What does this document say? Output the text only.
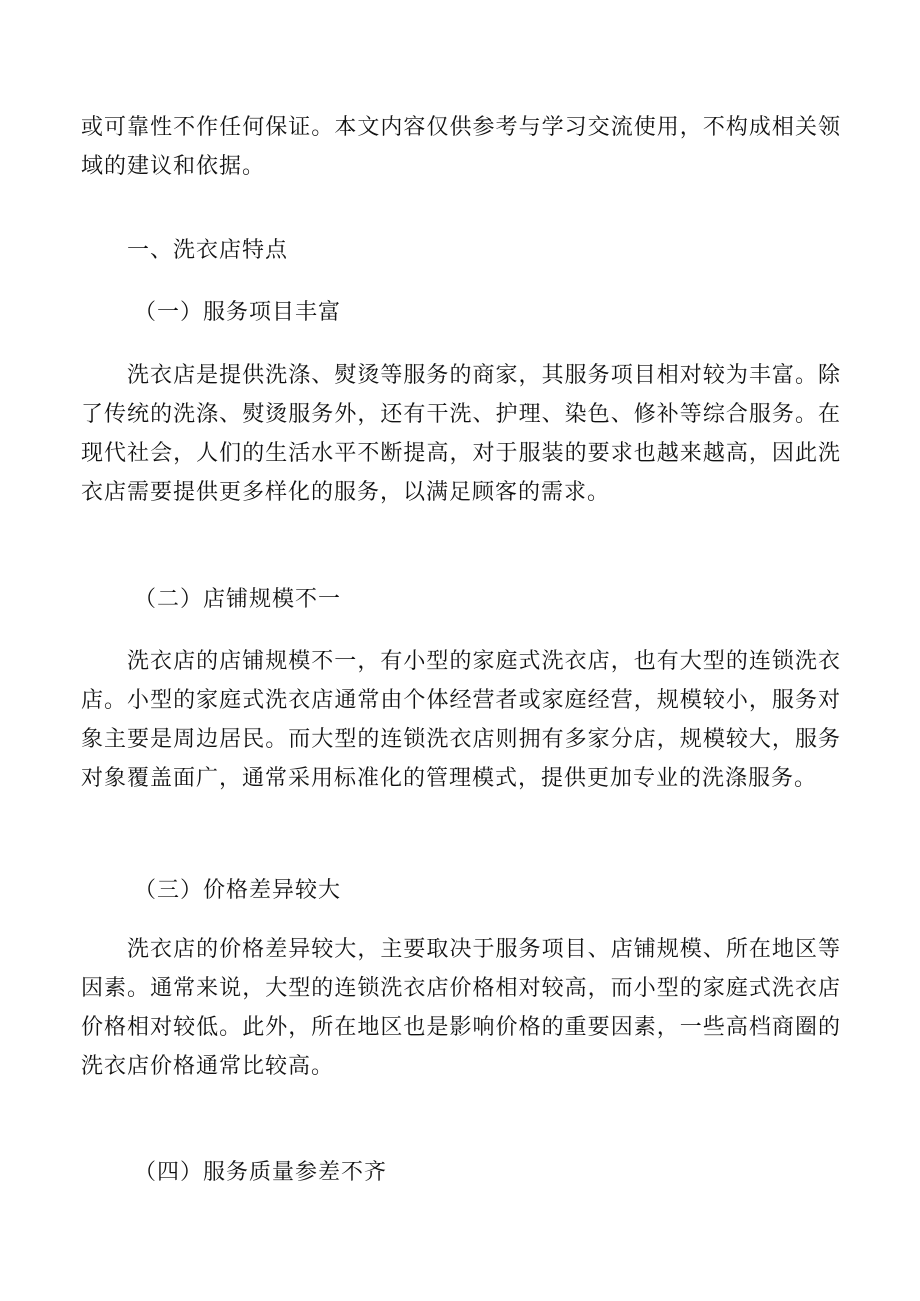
或可靠性不作任何保证。本文内容仅供参考与学习交流使用，不构成相关领域的建议和依据。

一、洗衣店特点
（一）服务项目丰富

洗衣店是提供洗涤、熨烫等服务的商家，其服务项目相对较为丰富。除了传统的洗涤、熨烫服务外，还有干洗、护理、染色、修补等综合服务。在现代社会，人们的生活水平不断提高，对于服装的要求也越来越高，因此洗衣店需要提供更多样化的服务，以满足顾客的需求。

（二）店铺规模不一

洗衣店的店铺规模不一，有小型的家庭式洗衣店，也有大型的连锁洗衣店。小型的家庭式洗衣店通常由个体经营者或家庭经营，规模较小，服务对象主要是周边居民。而大型的连锁洗衣店则拥有多家分店，规模较大，服务对象覆盖面广，通常采用标准化的管理模式，提供更加专业的洗涤服务。

（三）价格差异较大

洗衣店的价格差异较大，主要取决于服务项目、店铺规模、所在地区等因素。通常来说，大型的连锁洗衣店价格相对较高，而小型的家庭式洗衣店价格相对较低。此外，所在地区也是影响价格的重要因素，一些高档商圈的洗衣店价格通常比较高。

（四）服务质量参差不齐
